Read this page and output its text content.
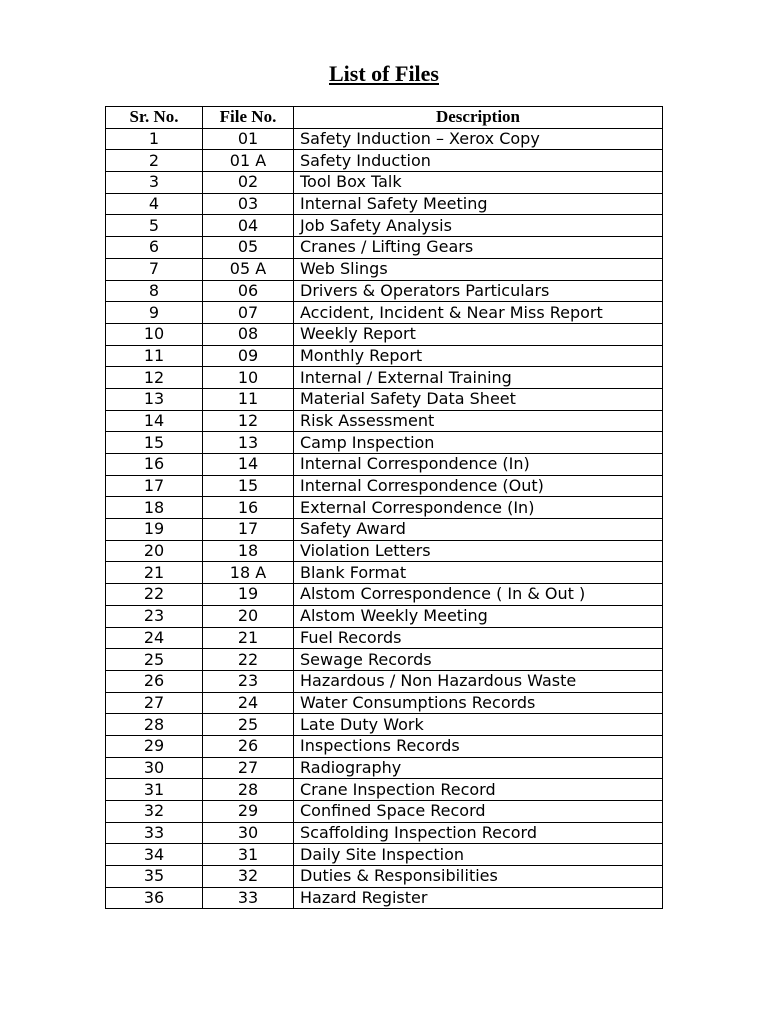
List of Files
Sr. No.	File No.	Description
1	01	Safety Induction – Xerox Copy
2	01 A	Safety Induction
3	02	Tool Box Talk
4	03	Internal Safety Meeting
5	04	Job Safety Analysis
6	05	Cranes / Lifting Gears
7	05 A	Web Slings
8	06	Drivers & Operators Particulars
9	07	Accident, Incident & Near Miss Report
10	08	Weekly Report
11	09	Monthly Report
12	10	Internal / External Training
13	11	Material Safety Data Sheet
14	12	Risk Assessment
15	13	Camp Inspection
16	14	Internal Correspondence (In)
17	15	Internal Correspondence (Out)
18	16	External Correspondence (In)
19	17	Safety Award
20	18	Violation Letters
21	18 A	Blank Format
22	19	Alstom Correspondence ( In & Out )
23	20	Alstom Weekly Meeting
24	21	Fuel Records
25	22	Sewage Records
26	23	Hazardous / Non Hazardous Waste
27	24	Water Consumptions Records
28	25	Late Duty Work
29	26	Inspections Records
30	27	Radiography
31	28	Crane Inspection Record
32	29	Confined Space Record
33	30	Scaffolding Inspection Record
34	31	Daily Site Inspection
35	32	Duties & Responsibilities
36	33	Hazard Register
